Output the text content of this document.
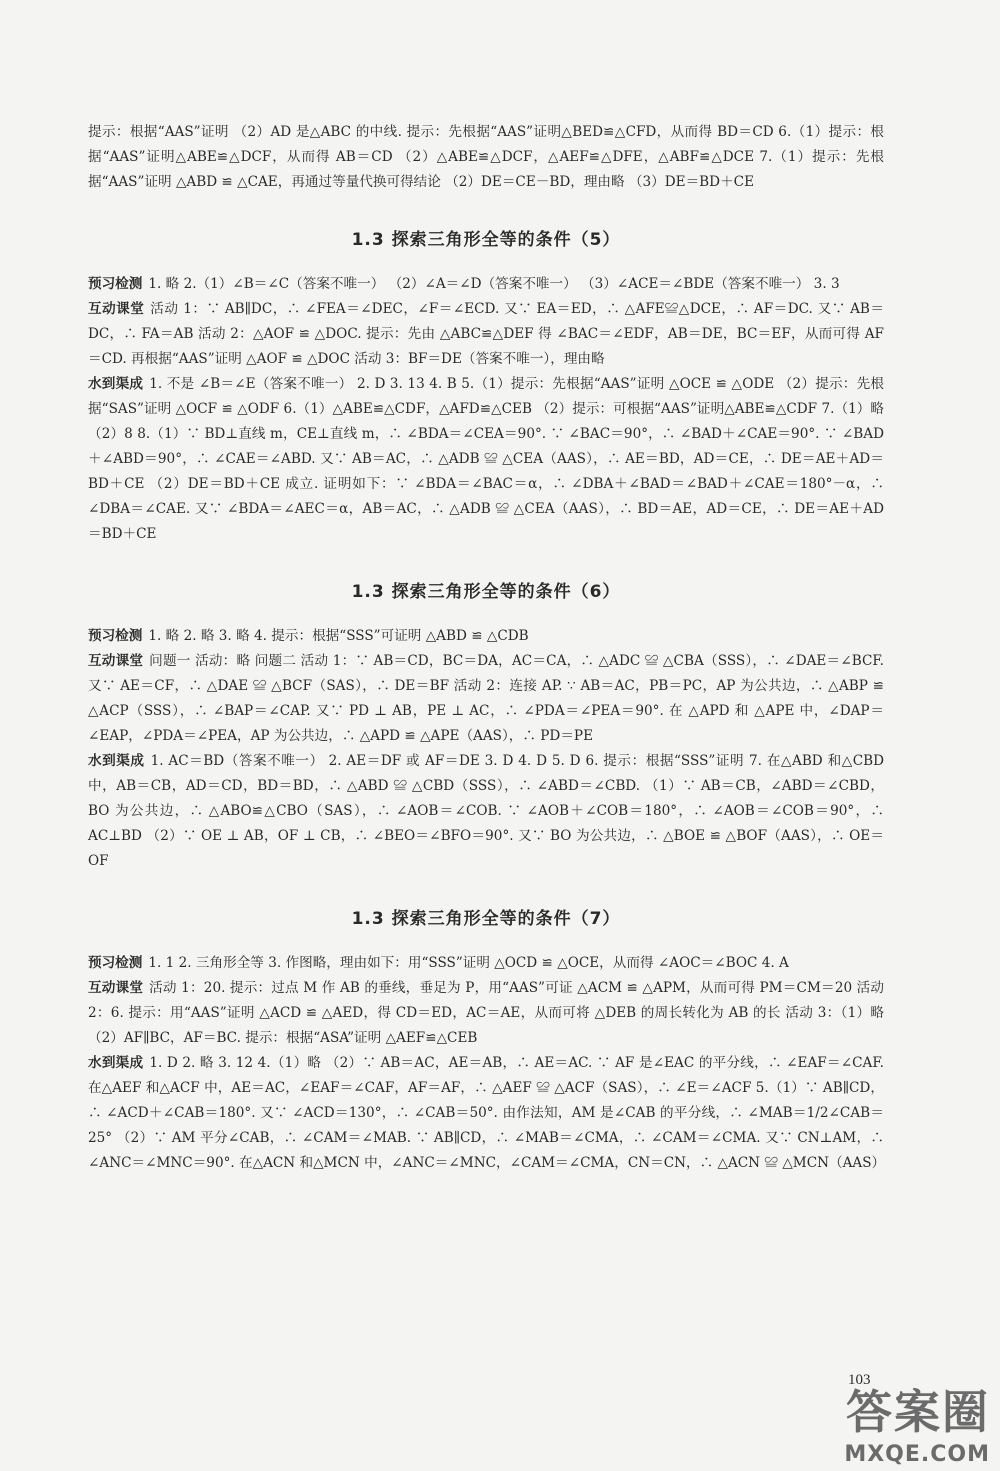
提示：根据“AAS”证明 （2）AD 是△ABC 的中线. 提示：先根据“AAS”证明△BED≌△CFD，从而得 BD＝CD 6.（1）提示：根据“AAS”证明△ABE≌△DCF，从而得 AB＝CD （2）△ABE≌△DCF，△AEF≌△DFE，△ABF≌△DCE 7.（1）提示：先根据“AAS”证明 △ABD ≌ △CAE，再通过等量代换可得结论 （2）DE＝CE－BD，理由略 （3）DE＝BD＋CE

1.3 探索三角形全等的条件（5）

预习检测 1. 略 2.（1）∠B＝∠C（答案不唯一） （2）∠A＝∠D（答案不唯一） （3）∠ACE＝∠BDE（答案不唯一） 3. 3

互动课堂 活动 1：∵ AB∥DC，∴ ∠FEA＝∠DEC，∠F＝∠ECD. 又∵ EA＝ED，∴ △AFE≌△DCE，∴ AF＝DC. 又∵ AB＝DC，∴ FA＝AB 活动 2：△AOF ≌ △DOC. 提示：先由 △ABC≌△DEF 得 ∠BAC＝∠EDF，AB＝DE，BC＝EF，从而可得 AF＝CD. 再根据“AAS”证明 △AOF ≌ △DOC 活动 3：BF＝DE（答案不唯一），理由略

水到渠成 1. 不是 ∠B＝∠E（答案不唯一） 2. D 3. 13 4. B 5.（1）提示：先根据“AAS”证明 △OCE ≌ △ODE （2）提示：先根据“SAS”证明 △OCF ≌ △ODF 6.（1）△ABE≌△CDF，△AFD≌△CEB （2）提示：可根据“AAS”证明△ABE≌△CDF 7.（1）略 （2）8 8.（1）∵ BD⊥直线 m，CE⊥直线 m，∴ ∠BDA＝∠CEA＝90°. ∵ ∠BAC＝90°，∴ ∠BAD＋∠CAE＝90°. ∵ ∠BAD＋∠ABD＝90°，∴ ∠CAE＝∠ABD. 又∵ AB＝AC，∴ △ADB ≌ △CEA（AAS），∴ AE＝BD，AD＝CE，∴ DE＝AE＋AD＝BD＋CE （2）DE＝BD＋CE 成立. 证明如下：∵ ∠BDA＝∠BAC＝α，∴ ∠DBA＋∠BAD＝∠BAD＋∠CAE＝180°－α，∴ ∠DBA＝∠CAE. 又∵ ∠BDA＝∠AEC＝α，AB＝AC，∴ △ADB ≌ △CEA（AAS），∴ BD＝AE，AD＝CE，∴ DE＝AE＋AD＝BD＋CE

1.3 探索三角形全等的条件（6）

预习检测 1. 略 2. 略 3. 略 4. 提示：根据“SSS”可证明 △ABD ≌ △CDB

互动课堂 问题一 活动：略 问题二 活动 1：∵ AB＝CD，BC＝DA，AC＝CA，∴ △ADC ≌ △CBA（SSS），∴ ∠DAE＝∠BCF. 又∵ AE＝CF，∴ △DAE ≌ △BCF（SAS），∴ DE＝BF 活动 2：连接 AP. ∵ AB＝AC，PB＝PC，AP 为公共边，∴ △ABP ≌ △ACP（SSS），∴ ∠BAP＝∠CAP. 又∵ PD ⊥ AB，PE ⊥ AC，∴ ∠PDA＝∠PEA＝90°. 在 △APD 和 △APE 中，∠DAP＝∠EAP，∠PDA＝∠PEA，AP 为公共边，∴ △APD ≌ △APE（AAS），∴ PD＝PE

水到渠成 1. AC＝BD（答案不唯一） 2. AE＝DF 或 AF＝DE 3. D 4. D 5. D 6. 提示：根据“SSS”证明 7. 在△ABD 和△CBD 中，AB＝CB，AD＝CD，BD＝BD，∴ △ABD ≌ △CBD（SSS），∴ ∠ABD＝∠CBD. （1）∵ AB＝CB，∠ABD＝∠CBD，BO 为公共边，∴ △ABO≌△CBO（SAS），∴ ∠AOB＝∠COB. ∵ ∠AOB＋∠COB＝180°，∴ ∠AOB＝∠COB＝90°，∴ AC⊥BD （2）∵ OE ⊥ AB，OF ⊥ CB，∴ ∠BEO＝∠BFO＝90°. 又∵ BO 为公共边，∴ △BOE ≌ △BOF（AAS），∴ OE＝OF

1.3 探索三角形全等的条件（7）

预习检测 1. 1 2. 三角形全等 3. 作图略，理由如下：用“SSS”证明 △OCD ≌ △OCE，从而得 ∠AOC＝∠BOC 4. A

互动课堂 活动 1：20. 提示：过点 M 作 AB 的垂线，垂足为 P，用“AAS”可证 △ACM ≌ △APM，从而可得 PM＝CM＝20 活动 2：6. 提示：用“AAS”证明 △ACD ≌ △AED，得 CD＝ED，AC＝AE，从而可将 △DEB 的周长转化为 AB 的长 活动 3：（1）略 （2）AF∥BC，AF＝BC. 提示：根据“ASA”证明 △AEF≌△CEB

水到渠成 1. D 2. 略 3. 12 4.（1）略 （2）∵ AB＝AC，AE＝AB，∴ AE＝AC. ∵ AF 是∠EAC 的平分线，∴ ∠EAF＝∠CAF. 在△AEF 和△ACF 中，AE＝AC，∠EAF＝∠CAF，AF＝AF，∴ △AEF ≌ △ACF（SAS），∴ ∠E＝∠ACF 5.（1）∵ AB∥CD，∴ ∠ACD＋∠CAB＝180°. 又∵ ∠ACD＝130°，∴ ∠CAB＝50°. 由作法知，AM 是∠CAB 的平分线，∴ ∠MAB＝1/2∠CAB＝25° （2）∵ AM 平分∠CAB，∴ ∠CAM＝∠MAB. ∵ AB∥CD，∴ ∠MAB＝∠CMA，∴ ∠CAM＝∠CMA. 又∵ CN⊥AM，∴ ∠ANC＝∠MNC＝90°. 在△ACN 和△MCN 中，∠ANC＝∠MNC，∠CAM＝∠CMA，CN＝CN，∴ △ACN ≌ △MCN（AAS）

103
答案圈
MXQE.COM
